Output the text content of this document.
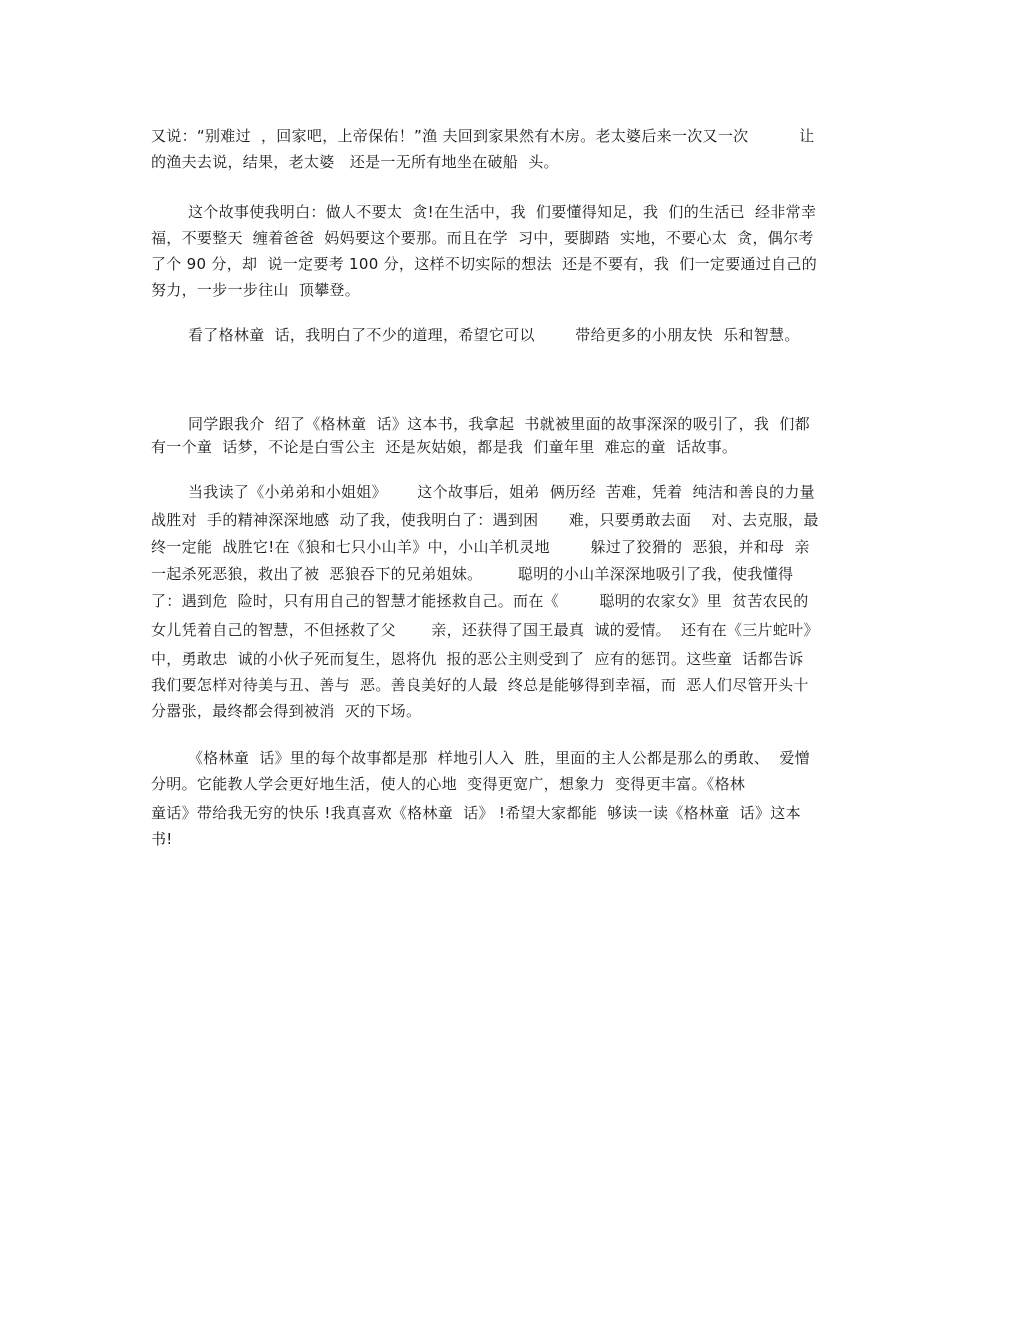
又说：“别难过  ，回家吧，上帝保佑！”渔 夫回到家果然有木房。老太婆后来一次又一次          让

的渔夫去说，结果，老太婆   还是一无所有地坐在破船  头。

这个故事使我明白：做人不要太  贪!在生活中，我  们要懂得知足，我  们的生活已  经非常幸

福，不要整天  缠着爸爸  妈妈要这个要那。而且在学  习中，要脚踏  实地，不要心太  贪，偶尔考

了个 90 分，却  说一定要考 100 分，这样不切实际的想法  还是不要有，我  们一定要通过自己的

努力，一步一步往山  顶攀登。

看了格林童  话，我明白了不少的道理，希望它可以        带给更多的小朋友快  乐和智慧。

同学跟我介  绍了《格林童  话》这本书，我拿起  书就被里面的故事深深的吸引了，我  们都

有一个童  话梦，不论是白雪公主  还是灰姑娘，都是我  们童年里  难忘的童  话故事。

当我读了《小弟弟和小姐姐》      这个故事后，姐弟  俩历经  苦难，凭着  纯洁和善良的力量

战胜对  手的精神深深地感  动了我，使我明白了：遇到困      难，只要勇敢去面    对、去克服，最

终一定能  战胜它!在《狼和七只小山羊》中，小山羊机灵地        躲过了狡猾的  恶狼，并和母  亲

一起杀死恶狼，救出了被  恶狼吞下的兄弟姐妹。       聪明的小山羊深深地吸引了我，使我懂得

了：遇到危  险时，只有用自己的智慧才能拯救自己。而在《        聪明的农家女》里  贫苦农民的

女儿凭着自己的智慧，不但拯救了父       亲，还获得了国王最真  诚的爱情。  还有在《三片蛇叶》

中，勇敢忠  诚的小伙子死而复生，恩将仇  报的恶公主则受到了  应有的惩罚。这些童  话都告诉

我们要怎样对待美与丑、善与  恶。善良美好的人最  终总是能够得到幸福，而  恶人们尽管开头十

分嚣张，最终都会得到被消  灭的下场。

《格林童  话》里的每个故事都是那  样地引人入  胜，里面的主人公都是那么的勇敢、  爱憎

分明。它能教人学会更好地生活，使人的心地  变得更宽广，想象力  变得更丰富。《格林

童话》带给我无穷的快乐 !我真喜欢《格林童  话》 !希望大家都能  够读一读《格林童  话》这本

书!
